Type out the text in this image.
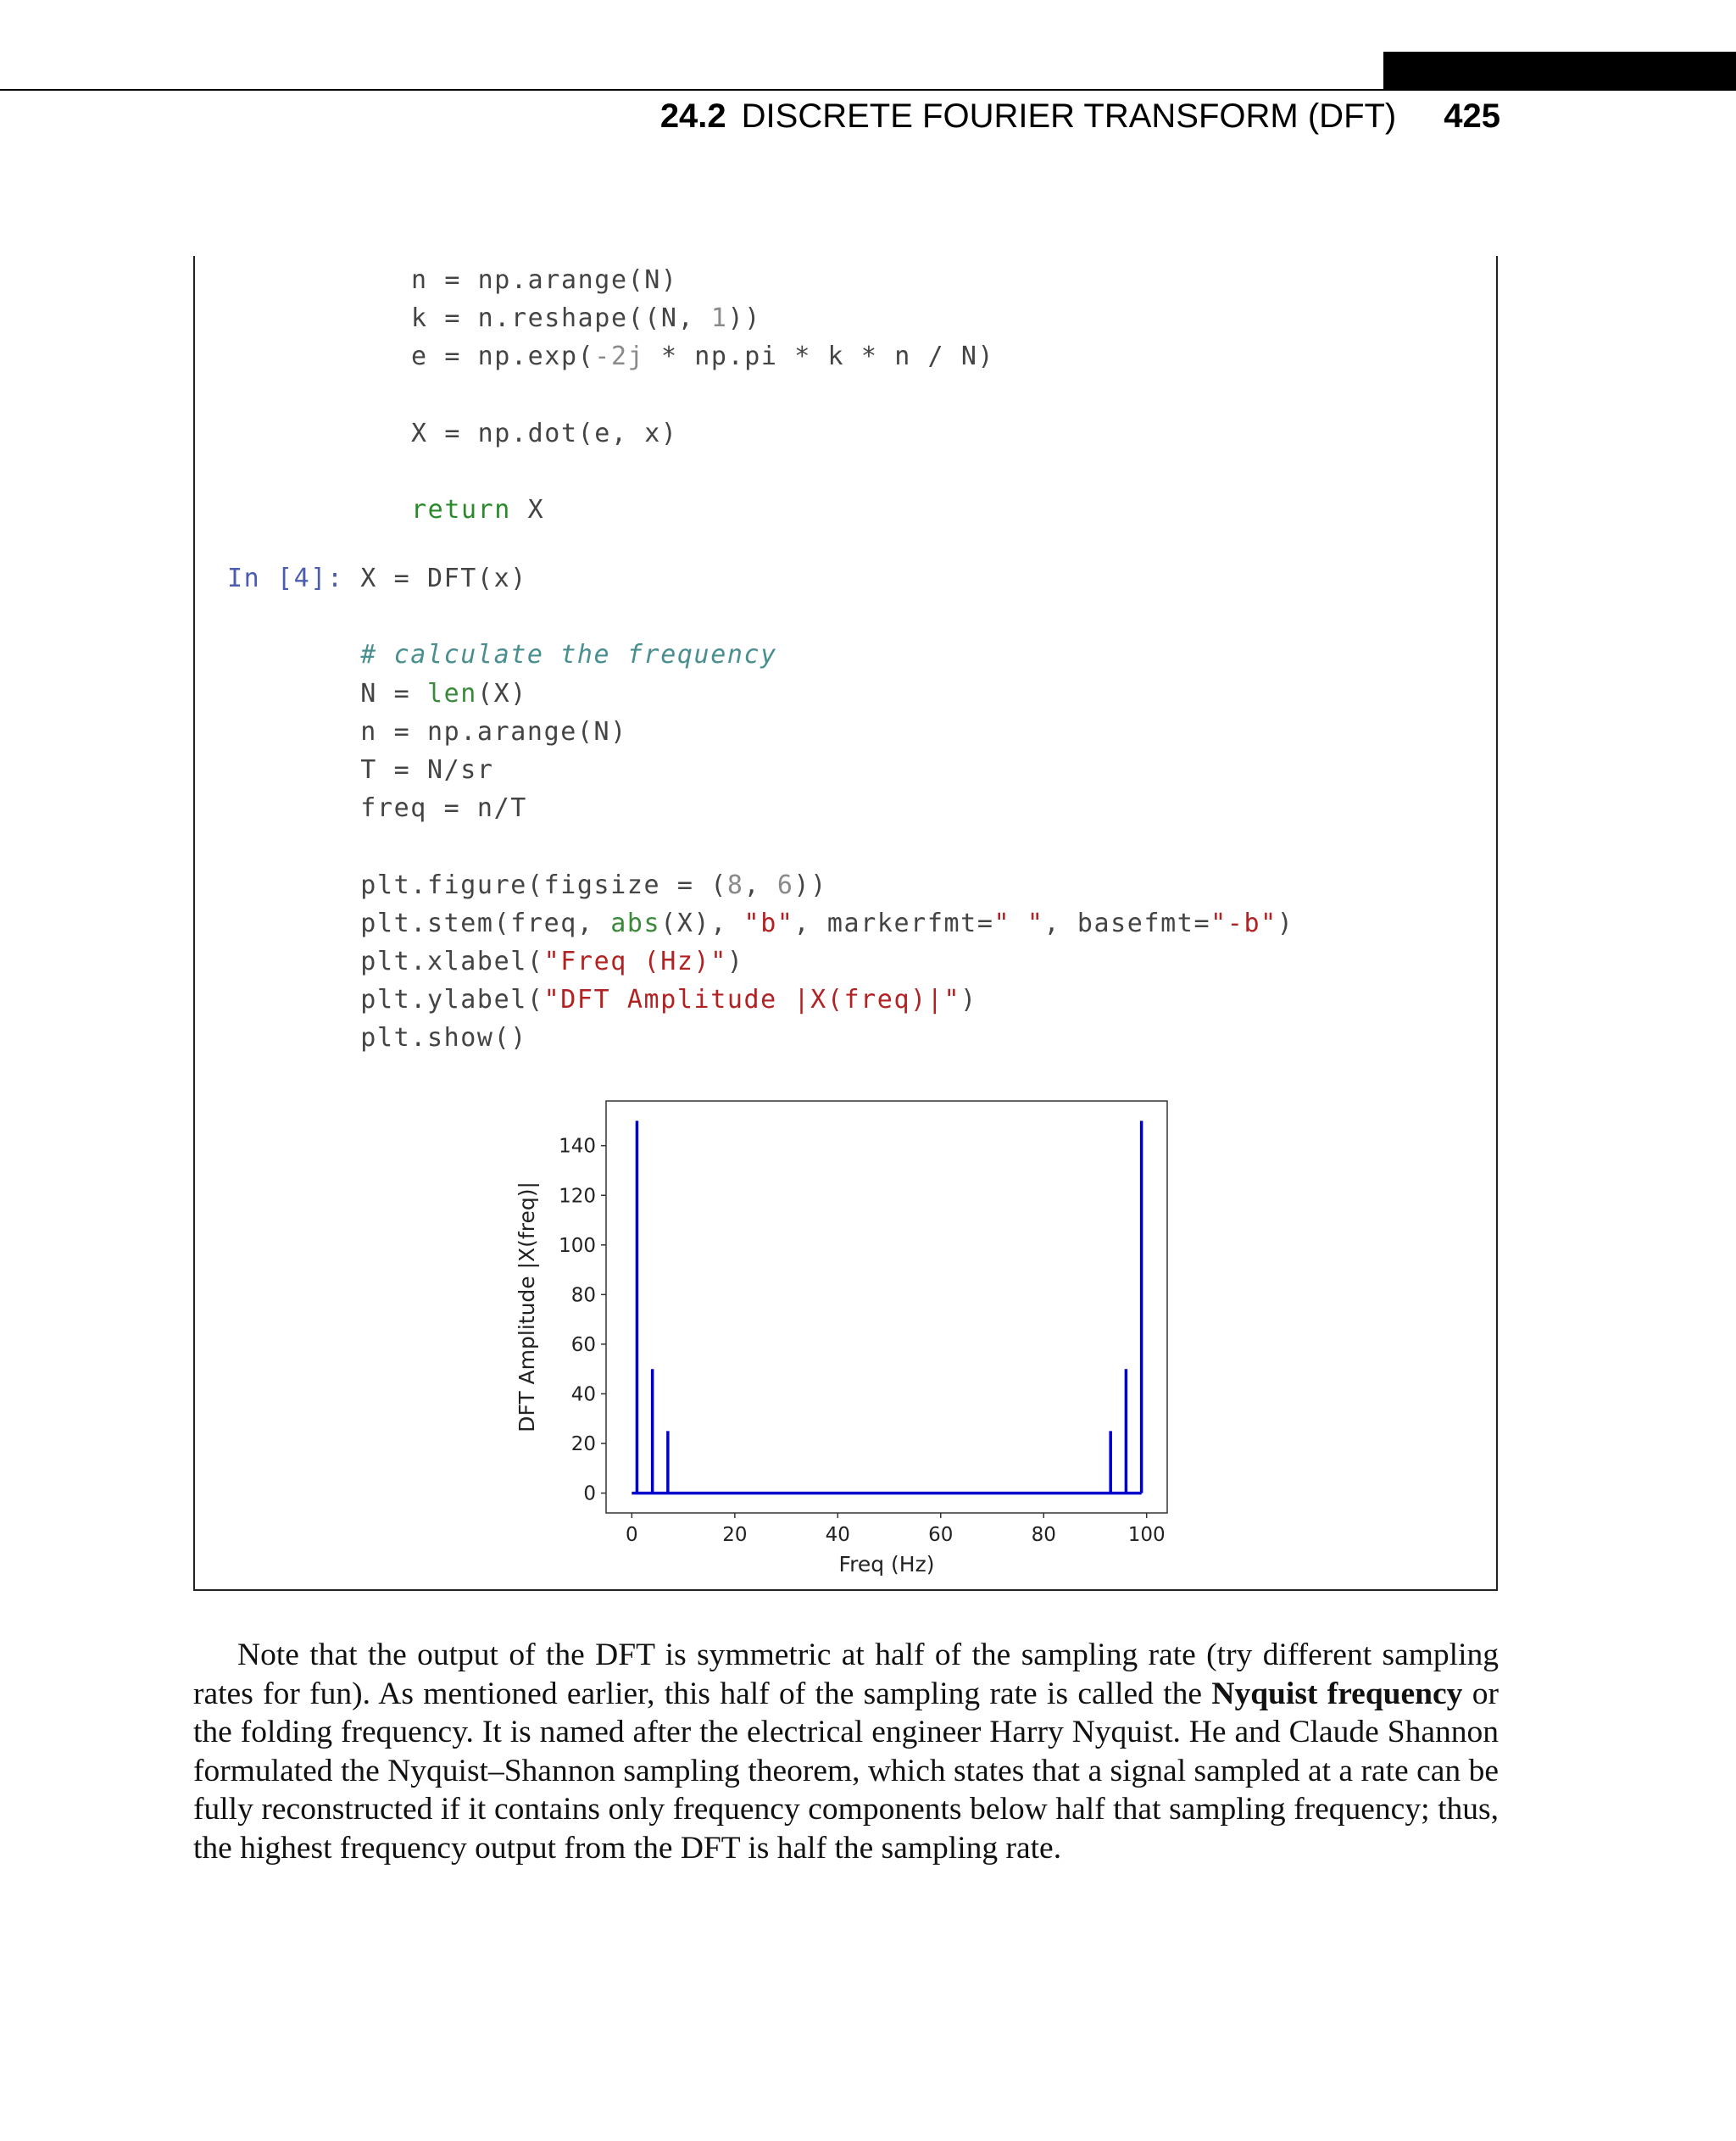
24.2 DISCRETE FOURIER TRANSFORM (DFT) 425
n = np.arange(N)
k = n.reshape((N, 1))
e = np.exp(-2j * np.pi * k * n / N)

X = np.dot(e, x)

return X
In [4]: X = DFT(x)

# calculate the frequency
N = len(X)
n = np.arange(N)
T = N/sr
freq = n/T

plt.figure(figsize = (8, 6))
plt.stem(freq, abs(X), "b", markerfmt=" ", basefmt="-b")
plt.xlabel("Freq (Hz)")
plt.ylabel("DFT Amplitude |X(freq)|")
plt.show()
0
20
40
60
80
100
120
140
0	20	40	60	80	100
Freq (Hz)
DFT Amplitude |X(freq)|

Note that the output of the DFT is symmetric at half of the sampling rate (try different sampling rates for fun). As mentioned earlier, this half of the sampling rate is called the Nyquist frequency or the folding frequency. It is named after the electrical engineer Harry Nyquist. He and Claude Shannon formulated the Nyquist–Shannon sampling theorem, which states that a signal sampled at a rate can be fully reconstructed if it contains only frequency components below half that sampling frequency; thus, the highest frequency output from the DFT is half the sampling rate.
